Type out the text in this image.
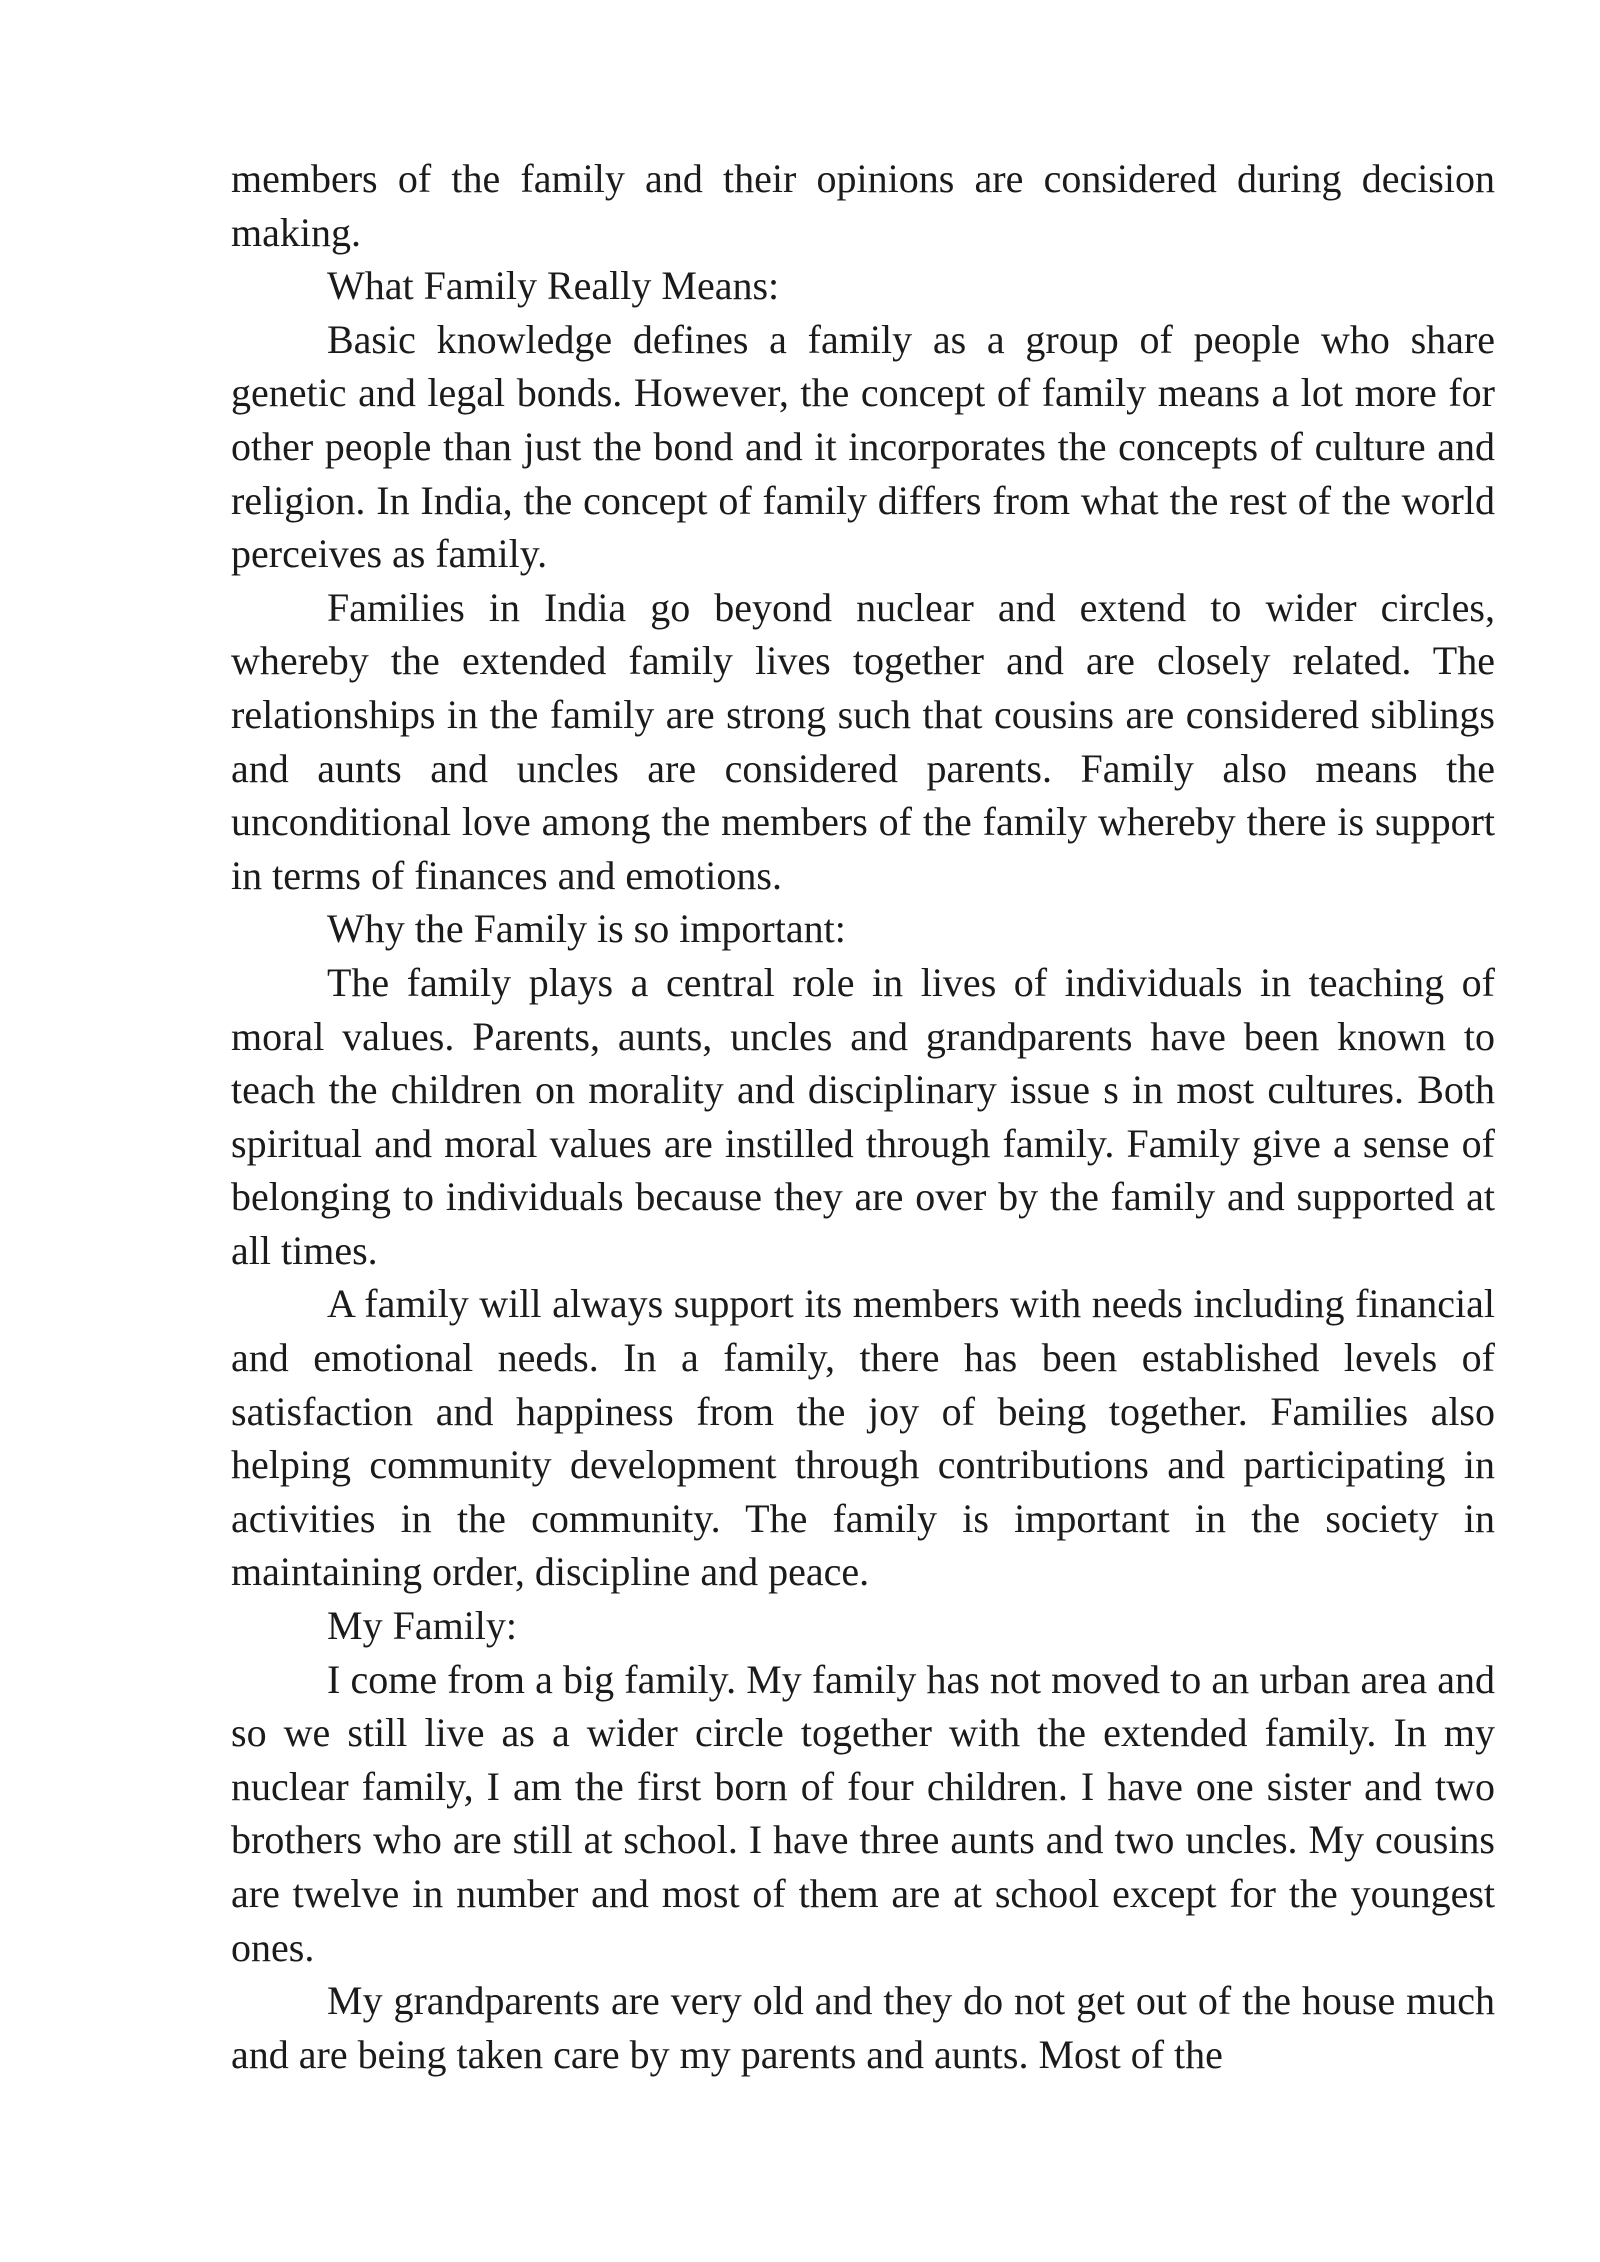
members of the family and their opinions are considered during decision making.

What Family Really Means:

Basic knowledge defines a family as a group of people who share genetic and legal bonds. However, the concept of family means a lot more for other people than just the bond and it incorporates the concepts of culture and religion. In India, the concept of family differs from what the rest of the world perceives as family.

Families in India go beyond nuclear and extend to wider circles, whereby the extended family lives together and are closely related. The relationships in the family are strong such that cousins are considered siblings and aunts and uncles are considered parents. Family also means the unconditional love among the members of the family whereby there is support in terms of finances and emotions.

Why the Family is so important:

The family plays a central role in lives of individuals in teaching of moral values. Parents, aunts, uncles and grandparents have been known to teach the children on morality and disciplinary issue s in most cultures. Both spiritual and moral values are instilled through family. Family give a sense of belonging to individuals because they are over by the family and supported at all times.

A family will always support its members with needs including financial and emotional needs. In a family, there has been established levels of satisfaction and happiness from the joy of being together. Families also helping community development through contributions and participating in activities in the community. The family is important in the society in maintaining order, discipline and peace.

My Family:

I come from a big family. My family has not moved to an urban area and so we still live as a wider circle together with the extended family. In my nuclear family, I am the first born of four children. I have one sister and two brothers who are still at school. I have three aunts and two uncles. My cousins are twelve in number and most of them are at school except for the youngest ones.

My grandparents are very old and they do not get out of the house much and are being taken care by my parents and aunts. Most of the
